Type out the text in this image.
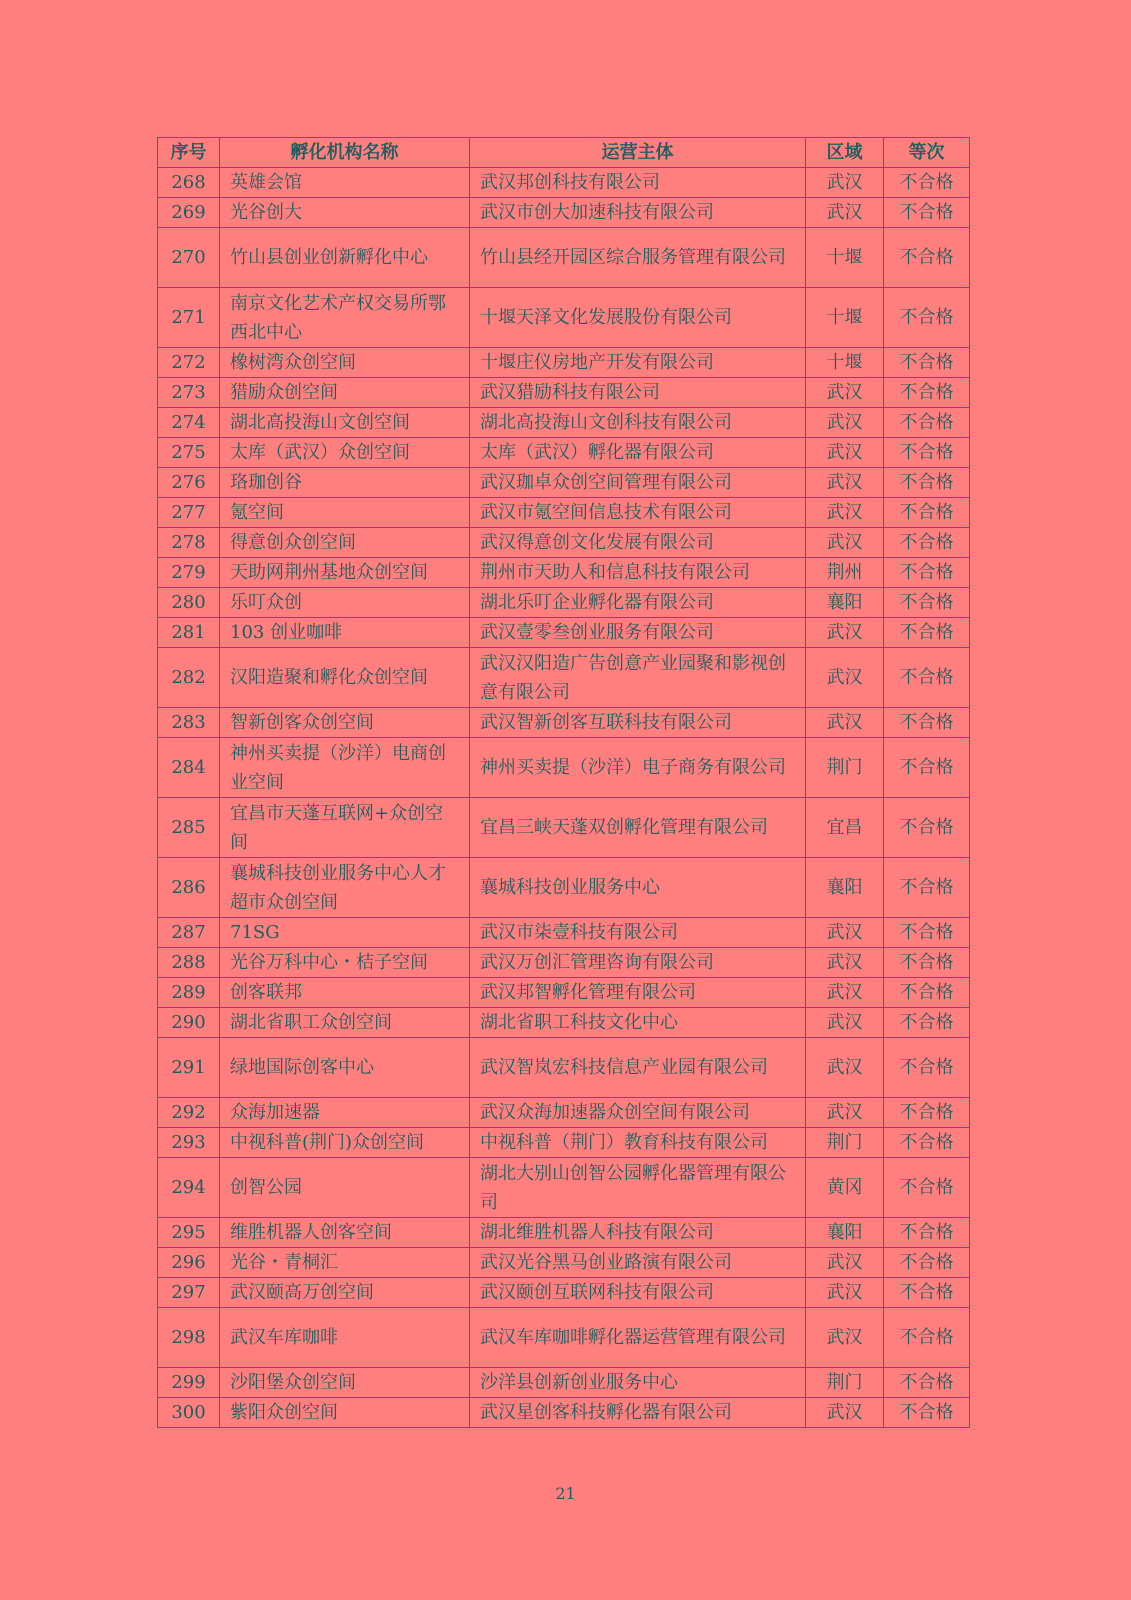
序号	孵化机构名称	运营主体	区域	等次
268	英雄会馆	武汉邦创科技有限公司	武汉	不合格
269	光谷创大	武汉市创大加速科技有限公司	武汉	不合格
270	竹山县创业创新孵化中心	竹山县经开园区综合服务管理有限公司	十堰	不合格
271	南京文化艺术产权交易所鄂西北中心	十堰天泽文化发展股份有限公司	十堰	不合格
272	橡树湾众创空间	十堰庄仪房地产开发有限公司	十堰	不合格
273	猎励众创空间	武汉猎励科技有限公司	武汉	不合格
274	湖北高投海山文创空间	湖北高投海山文创科技有限公司	武汉	不合格
275	太库（武汉）众创空间	太库（武汉）孵化器有限公司	武汉	不合格
276	珞珈创谷	武汉珈卓众创空间管理有限公司	武汉	不合格
277	氪空间	武汉市氪空间信息技术有限公司	武汉	不合格
278	得意创众创空间	武汉得意创文化发展有限公司	武汉	不合格
279	天助网荆州基地众创空间	荆州市天助人和信息科技有限公司	荆州	不合格
280	乐叮众创	湖北乐叮企业孵化器有限公司	襄阳	不合格
281	103 创业咖啡	武汉壹零叁创业服务有限公司	武汉	不合格
282	汉阳造聚和孵化众创空间	武汉汉阳造广告创意产业园聚和影视创意有限公司	武汉	不合格
283	智新创客众创空间	武汉智新创客互联科技有限公司	武汉	不合格
284	神州买卖提（沙洋）电商创业空间	神州买卖提（沙洋）电子商务有限公司	荆门	不合格
285	宜昌市天蓬互联网+众创空间	宜昌三峡天蓬双创孵化管理有限公司	宜昌	不合格
286	襄城科技创业服务中心人才超市众创空间	襄城科技创业服务中心	襄阳	不合格
287	71SG	武汉市柒壹科技有限公司	武汉	不合格
288	光谷万科中心・桔子空间	武汉万创汇管理咨询有限公司	武汉	不合格
289	创客联邦	武汉邦智孵化管理有限公司	武汉	不合格
290	湖北省职工众创空间	湖北省职工科技文化中心	武汉	不合格
291	绿地国际创客中心	武汉智岚宏科技信息产业园有限公司	武汉	不合格
292	众海加速器	武汉众海加速器众创空间有限公司	武汉	不合格
293	中视科普(荆门)众创空间	中视科普（荆门）教育科技有限公司	荆门	不合格
294	创智公园	湖北大别山创智公园孵化器管理有限公司	黄冈	不合格
295	维胜机器人创客空间	湖北维胜机器人科技有限公司	襄阳	不合格
296	光谷・青桐汇	武汉光谷黑马创业路演有限公司	武汉	不合格
297	武汉颐高万创空间	武汉颐创互联网科技有限公司	武汉	不合格
298	武汉车库咖啡	武汉车库咖啡孵化器运营管理有限公司	武汉	不合格
299	沙阳堡众创空间	沙洋县创新创业服务中心	荆门	不合格
300	紫阳众创空间	武汉星创客科技孵化器有限公司	武汉	不合格
21
